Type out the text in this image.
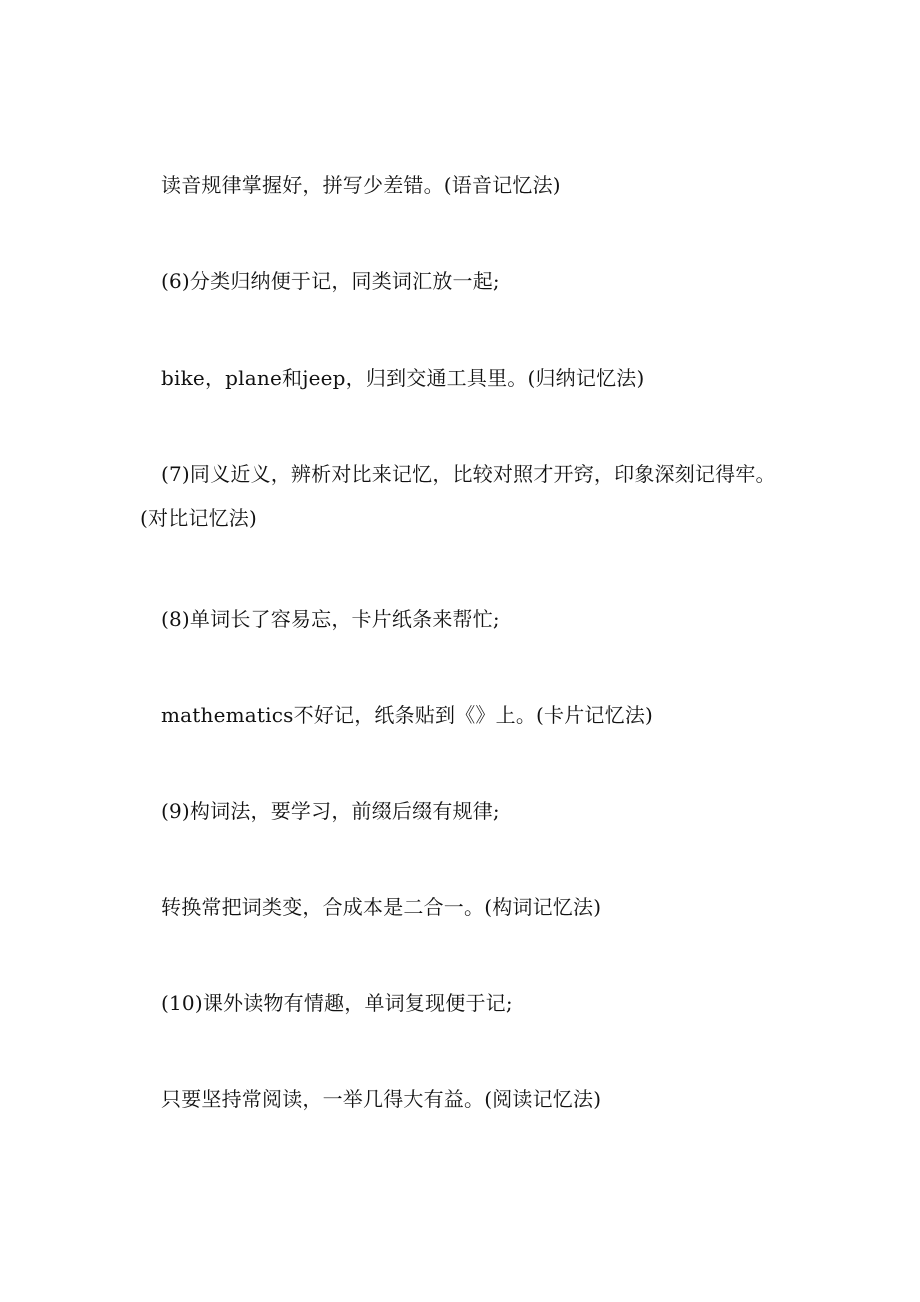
读音规律掌握好，拼写少差错。(语音记忆法)

(6)分类归纳便于记，同类词汇放一起;

bike，plane和jeep，归到交通工具里。(归纳记忆法)

(7)同义近义，辨析对比来记忆，比较对照才开窍，印象深刻记得牢。(对比记忆法)

(8)单词长了容易忘，卡片纸条来帮忙;

mathematics不好记，纸条贴到《》上。(卡片记忆法)

(9)构词法，要学习，前缀后缀有规律;

转换常把词类变，合成本是二合一。(构词记忆法)

(10)课外读物有情趣，单词复现便于记;

只要坚持常阅读，一举几得大有益。(阅读记忆法)
